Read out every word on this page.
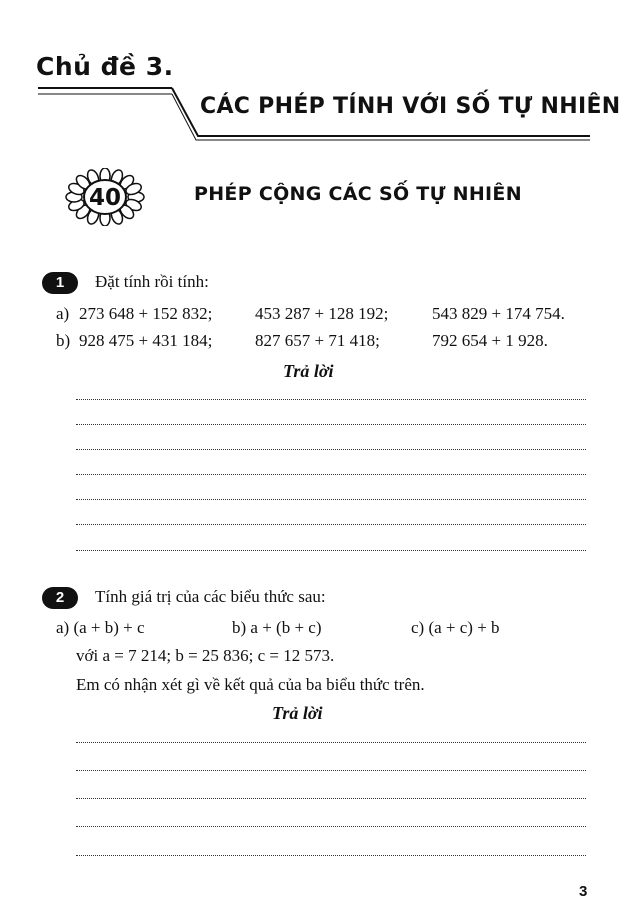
Chủ đề 3.
CÁC PHÉP TÍNH VỚI SỐ TỰ NHIÊN
40	PHÉP CỘNG CÁC SỐ TỰ NHIÊN
1	Đặt tính rồi tính:
a) 273 648 + 152 832;	453 287 + 128 192;	543 829 + 174 754.
b) 928 475 + 431 184;	827 657 + 71 418;	792 654 + 1 928.
Trả lời
2	Tính giá trị của các biểu thức sau:
a) (a + b) + c	b) a + (b + c)	c) (a + c) + b
với a = 7 214; b = 25 836; c = 12 573.
Em có nhận xét gì về kết quả của ba biểu thức trên.
Trả lời
3
